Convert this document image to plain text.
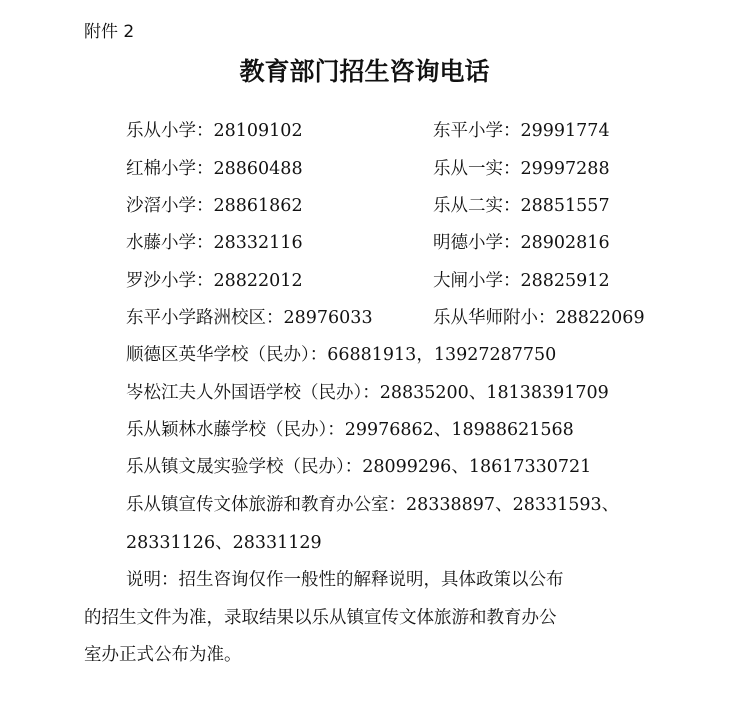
附件 2
教育部门招生咨询电话
乐从小学：28109102	东平小学：29991774
红棉小学：28860488	乐从一实：29997288
沙滘小学：28861862	乐从二实：28851557
水藤小学：28332116	明德小学：28902816
罗沙小学：28822012	大闸小学：28825912
东平小学路洲校区：28976033	乐从华师附小：28822069
顺德区英华学校（民办）：66881913，13927287750
岑松江夫人外国语学校（民办）：28835200、18138391709
乐从颖林水藤学校（民办）：29976862、18988621568
乐从镇文晟实验学校（民办）：28099296、18617330721
乐从镇宣传文体旅游和教育办公室：28338897、28331593、
28331126、28331129
说明：招生咨询仅作一般性的解释说明，具体政策以公布
的招生文件为准，录取结果以乐从镇宣传文体旅游和教育办公
室办正式公布为准。
